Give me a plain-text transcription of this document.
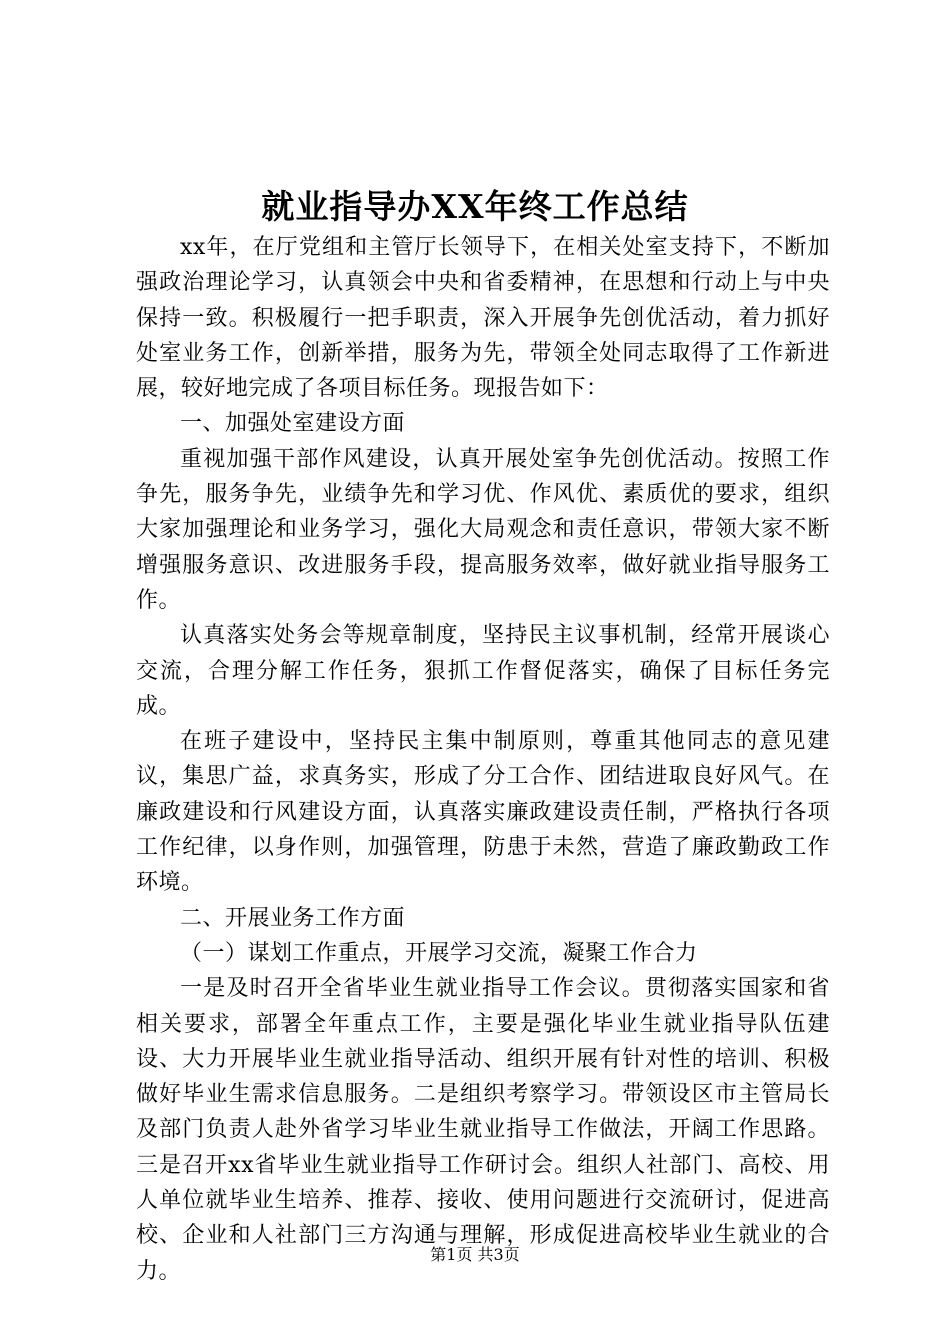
就业指导办XX年终工作总结

xx年，在厅党组和主管厅长领导下，在相关处室支持下，不断加强政治理论学习，认真领会中央和省委精神，在思想和行动上与中央保持一致。积极履行一把手职责，深入开展争先创优活动，着力抓好处室业务工作，创新举措，服务为先，带领全处同志取得了工作新进展，较好地完成了各项目标任务。现报告如下：

一、加强处室建设方面

重视加强干部作风建设，认真开展处室争先创优活动。按照工作争先，服务争先，业绩争先和学习优、作风优、素质优的要求，组织大家加强理论和业务学习，强化大局观念和责任意识，带领大家不断增强服务意识、改进服务手段，提高服务效率，做好就业指导服务工作。

认真落实处务会等规章制度，坚持民主议事机制，经常开展谈心交流，合理分解工作任务，狠抓工作督促落实，确保了目标任务完成。

在班子建设中，坚持民主集中制原则，尊重其他同志的意见建议，集思广益，求真务实，形成了分工合作、团结进取良好风气。在廉政建设和行风建设方面，认真落实廉政建设责任制，严格执行各项工作纪律，以身作则，加强管理，防患于未然，营造了廉政勤政工作环境。

二、开展业务工作方面

（一）谋划工作重点，开展学习交流，凝聚工作合力

一是及时召开全省毕业生就业指导工作会议。贯彻落实国家和省相关要求，部署全年重点工作，主要是强化毕业生就业指导队伍建设、大力开展毕业生就业指导活动、组织开展有针对性的培训、积极做好毕业生需求信息服务。二是组织考察学习。带领设区市主管局长及部门负责人赴外省学习毕业生就业指导工作做法，开阔工作思路。三是召开xx省毕业生就业指导工作研讨会。组织人社部门、高校、用人单位就毕业生培养、推荐、接收、使用问题进行交流研讨，促进高校、企业和人社部门三方沟通与理解，形成促进高校毕业生就业的合力。

第1页 共3页
